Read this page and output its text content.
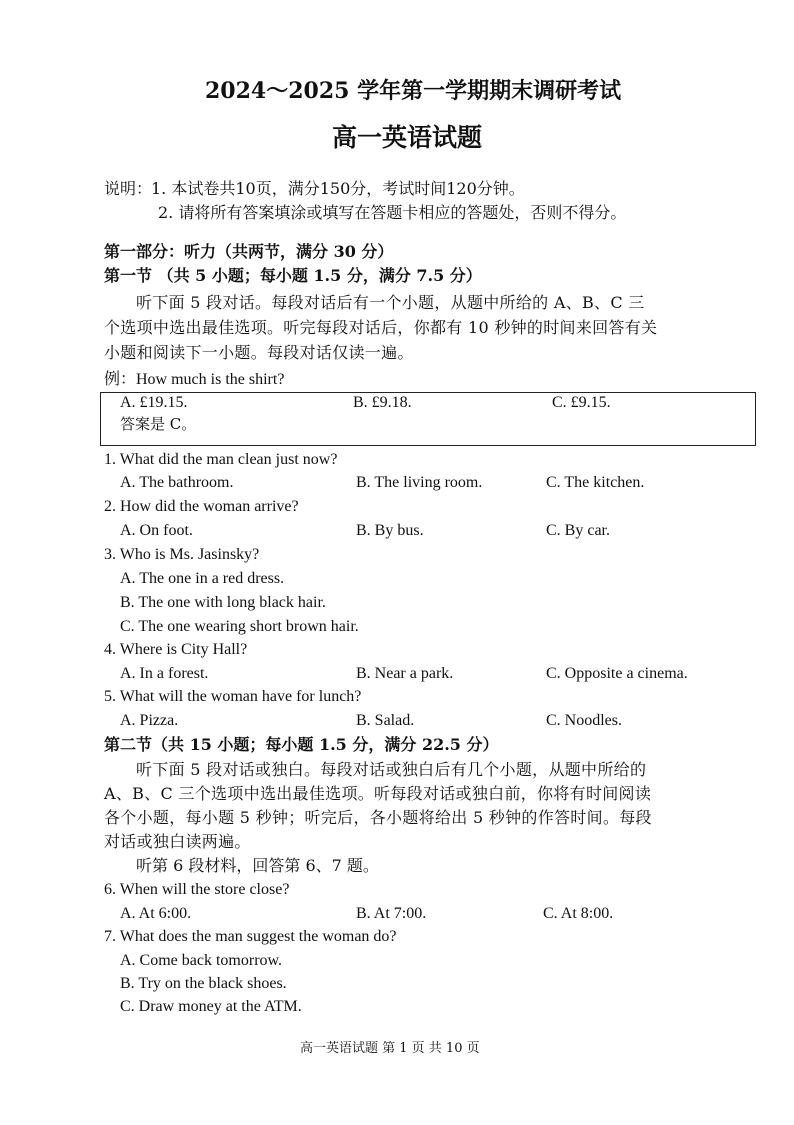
2024～2025 学年第一学期期末调研考试
高一英语试题
说明：
1. 本试卷共10页，满分150分，考试时间120分钟。
2. 请将所有答案填涂或填写在答题卡相应的答题处，否则不得分。
第一部分：听力（共两节，满分 30 分）
第一节 （共 5 小题；每小题 1.5 分，满分 7.5 分）
听下面 5 段对话。每段对话后有一个小题，从题中所给的 A、B、C 三
个选项中选出最佳选项。听完每段对话后，你都有 10 秒钟的时间来回答有关
小题和阅读下一小题。每段对话仅读一遍。
例：How much is the shirt?
A. £19.15.	B. £9.18.	C. £9.15.
答案是 C。
1. What did the man clean just now?
A. The bathroom.	B. The living room.	C. The kitchen.
2. How did the woman arrive?
A. On foot.	B. By bus.	C. By car.
3. Who is Ms. Jasinsky?
A. The one in a red dress.
B. The one with long black hair.
C. The one wearing short brown hair.
4. Where is City Hall?
A. In a forest.	B. Near a park.	C. Opposite a cinema.
5. What will the woman have for lunch?
A. Pizza.	B. Salad.	C. Noodles.
第二节（共 15 小题；每小题 1.5 分，满分 22.5 分）
听下面 5 段对话或独白。每段对话或独白后有几个小题，从题中所给的
A、B、C 三个选项中选出最佳选项。听每段对话或独白前，你将有时间阅读
各个小题，每小题 5 秒钟；听完后，各小题将给出 5 秒钟的作答时间。每段
对话或独白读两遍。
听第 6 段材料，回答第 6、7 题。
6. When will the store close?
A. At 6:00.	B. At 7:00.	C. At 8:00.
7. What does the man suggest the woman do?
A. Come back tomorrow.
B. Try on the black shoes.
C. Draw money at the ATM.
高一英语试题 第 1 页 共 10 页
